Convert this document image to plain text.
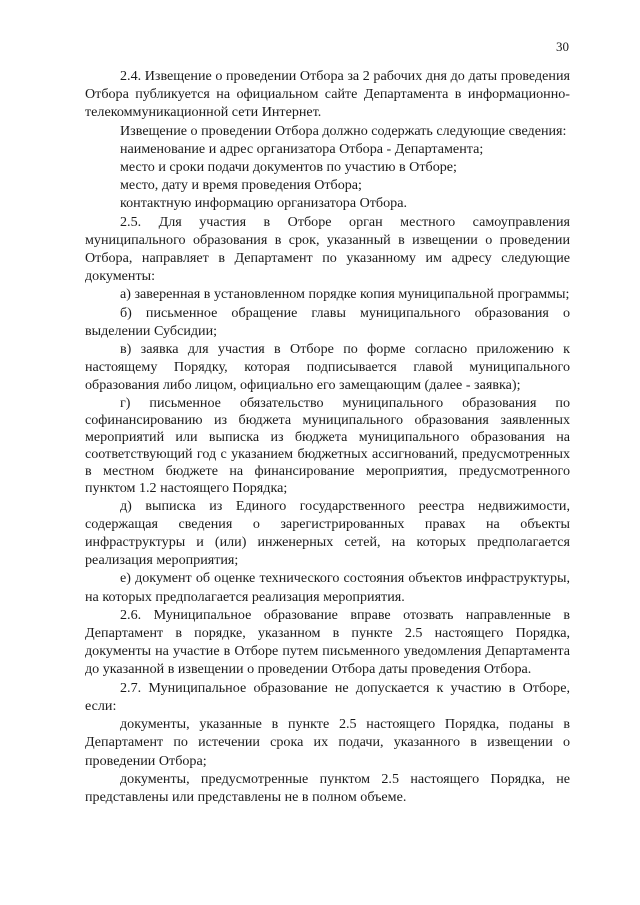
30

2.4. Извещение о проведении Отбора за 2 рабочих дня до даты проведения Отбора публикуется на официальном сайте Департамента в информационно-телекоммуникационной сети Интернет.

Извещение о проведении Отбора должно содержать следующие сведения:

наименование и адрес организатора Отбора - Департамента;

место и сроки подачи документов по участию в Отборе;

место, дату и время проведения Отбора;

контактную информацию организатора Отбора.

2.5. Для участия в Отборе орган местного самоуправления муниципального образования в срок, указанный в извещении о проведении Отбора, направляет в Департамент по указанному им адресу следующие документы:

а) заверенная в установленном порядке копия муниципальной программы;

б) письменное обращение главы муниципального образования о выделении Субсидии;

в) заявка для участия в Отборе по форме согласно приложению к настоящему Порядку, которая подписывается главой муниципального образования либо лицом, официально его замещающим (далее - заявка);

г) письменное обязательство муниципального образования по софинансированию из бюджета муниципального образования заявленных мероприятий или выписка из бюджета муниципального образования на соответствующий год с указанием бюджетных ассигнований, предусмотренных в местном бюджете на финансирование мероприятия, предусмотренного пунктом 1.2 настоящего Порядка;

д) выписка из Единого государственного реестра недвижимости, содержащая сведения о зарегистрированных правах на объекты инфраструктуры и (или) инженерных сетей, на которых предполагается реализация мероприятия;

е) документ об оценке технического состояния объектов инфраструктуры, на которых предполагается реализация мероприятия.

2.6. Муниципальное образование вправе отозвать направленные в Департамент в порядке, указанном в пункте 2.5 настоящего Порядка, документы на участие в Отборе путем письменного уведомления Департамента до указанной в извещении о проведении Отбора даты проведения Отбора.

2.7. Муниципальное образование не допускается к участию в Отборе, если:

документы, указанные в пункте 2.5 настоящего Порядка, поданы в Департамент по истечении срока их подачи, указанного в извещении о проведении Отбора;

документы, предусмотренные пунктом 2.5 настоящего Порядка, не представлены или представлены не в полном объеме.
